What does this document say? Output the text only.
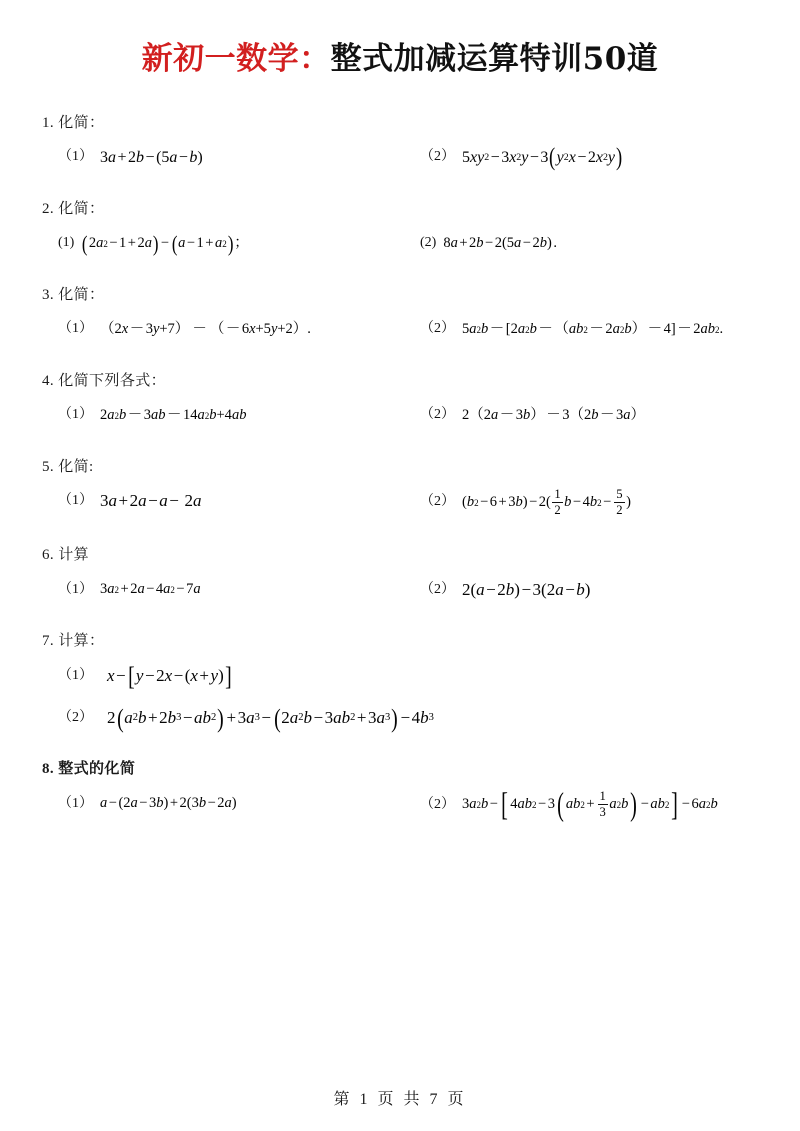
新初一数学：整式加减运算特训50道
1. 化简：
（1） 3 a + 2 b − (5 a − b )	（2） 5 xy 2 − 3 x 2 y − 3 ( y 2 x − 2 x 2 y )
2. 化简：
(1) ( 2 a 2 − 1 + 2 a ) − ( a − 1 + a 2 ) ；	(2) 8 a + 2 b − 2(5 a − 2 b ) .
3. 化简：
（1） （2 x － 3 y +7） － （ － 6 x +5 y +2）.	（2） 5 a 2 b － [2 a 2 b － （ ab 2 － 2 a 2 b ） － 4] － 2 ab 2 .
4. 化简下列各式：
（1） 2 a 2 b － 3 ab － 14 a 2 b +4 ab	（2） 2（2 a － 3 b ） － 3（2 b － 3 a ）
5. 化简:
（1） 3 a + 2 a − a − 2 a	（2） ( b 2 − 6 + 3 b ) − $2( \frac{1}{2}$ b − 4 b $2 - \frac{5}{2}$ )
6. 计算
（1） 3 a 2 + 2 a − 4 a 2 − 7 a	（2） 2( a − 2 b ) − 3(2 a − b )
7. 计算：
（1） x − [ y − 2 x − ( x + y ) ]
（2） 2 ( a 2 b + 2 b 3 − ab 2 ) + 3 a 3 − ( 2 a 2 b − 3 ab 2 + 3 a 3 ) − 4 b 3
8. 整式的化简
（1） a − (2 a − 3 b ) + 2(3 b − 2 a )	（2） 3 a 2 b − [ 4 ab 2 − 3 ( ab $2 + \frac{1}{3}$ a 2 b ) − ab 2 ] − 6 a 2 b
第 1 页 共 7 页
